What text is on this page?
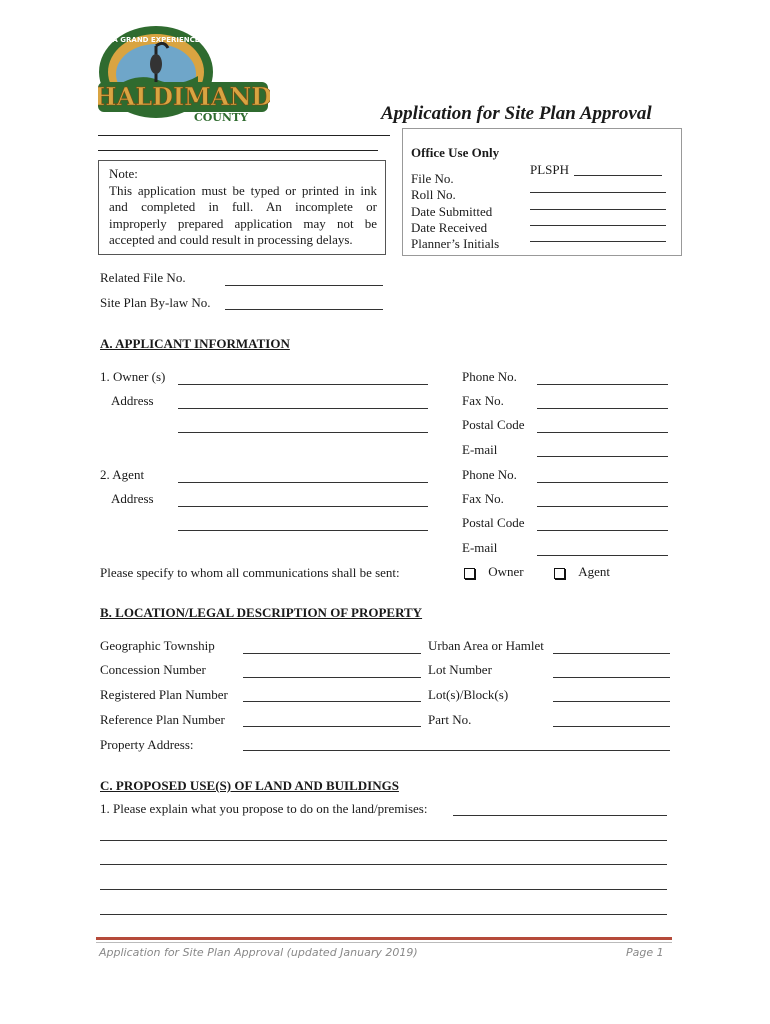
A GRAND EXPERIENCE
HALDIMAND
COUNTY	Application for Site Plan Approval
Note:
This application must be typed or printed in ink and completed in full. An incomplete or improperly prepared application may not be accepted and could result in processing delays.
Office Use Only
PLSPH
File No.
Roll No.
Date Submitted
Date Received
Planner’s Initials
Related File No.
Site Plan By-law No.
A. APPLICANT INFORMATION
1. Owner (s)
Address
Phone No.
Fax No.
Postal Code
E-mail
2. Agent
Address
Phone No.
Fax No.
Postal Code
E-mail
Please specify to whom all communications shall be sent:	Owner	Agent
B. LOCATION/LEGAL DESCRIPTION OF PROPERTY
Geographic Township	Urban Area or Hamlet
Concession Number	Lot Number
Registered Plan Number	Lot(s)/Block(s)
Reference Plan Number	Part No.
Property Address:
C. PROPOSED USE(S) OF LAND AND BUILDINGS
1. Please explain what you propose to do on the land/premises:
Application for Site Plan Approval (updated January 2019)	Page 1
